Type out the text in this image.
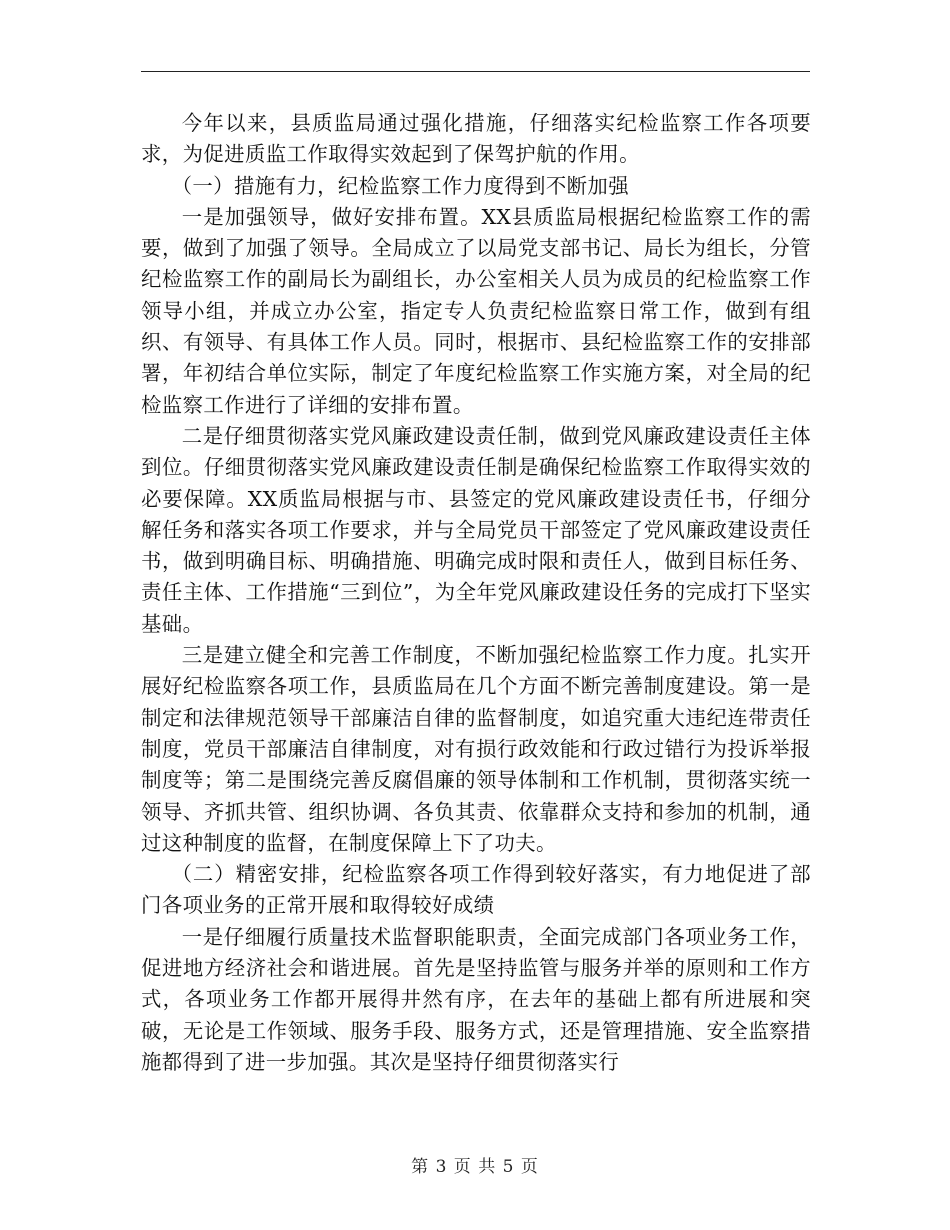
今年以来，县质监局通过强化措施，仔细落实纪检监察工作各项要求，为促进质监工作取得实效起到了保驾护航的作用。

（一）措施有力，纪检监察工作力度得到不断加强

一是加强领导，做好安排布置。XX县质监局根据纪检监察工作的需要，做到了加强了领导。全局成立了以局党支部书记、局长为组长，分管纪检监察工作的副局长为副组长，办公室相关人员为成员的纪检监察工作领导小组，并成立办公室，指定专人负责纪检监察日常工作，做到有组织、有领导、有具体工作人员。同时，根据市、县纪检监察工作的安排部署，年初结合单位实际，制定了年度纪检监察工作实施方案，对全局的纪检监察工作进行了详细的安排布置。

二是仔细贯彻落实党风廉政建设责任制，做到党风廉政建设责任主体到位。仔细贯彻落实党风廉政建设责任制是确保纪检监察工作取得实效的必要保障。XX质监局根据与市、县签定的党风廉政建设责任书，仔细分解任务和落实各项工作要求，并与全局党员干部签定了党风廉政建设责任书，做到明确目标、明确措施、明确完成时限和责任人，做到目标任务、责任主体、工作措施“三到位”，为全年党风廉政建设任务的完成打下坚实基础。

三是建立健全和完善工作制度，不断加强纪检监察工作力度。扎实开展好纪检监察各项工作，县质监局在几个方面不断完善制度建设。第一是制定和法律规范领导干部廉洁自律的监督制度，如追究重大违纪连带责任制度，党员干部廉洁自律制度，对有损行政效能和行政过错行为投诉举报制度等；第二是围绕完善反腐倡廉的领导体制和工作机制，贯彻落实统一领导、齐抓共管、组织协调、各负其责、依靠群众支持和参加的机制，通过这种制度的监督，在制度保障上下了功夫。

（二）精密安排，纪检监察各项工作得到较好落实，有力地促进了部门各项业务的正常开展和取得较好成绩

一是仔细履行质量技术监督职能职责，全面完成部门各项业务工作，促进地方经济社会和谐进展。首先是坚持监管与服务并举的原则和工作方式，各项业务工作都开展得井然有序，在去年的基础上都有所进展和突破，无论是工作领域、服务手段、服务方式，还是管理措施、安全监察措施都得到了进一步加强。其次是坚持仔细贯彻落实行

第 3 页 共 5 页
